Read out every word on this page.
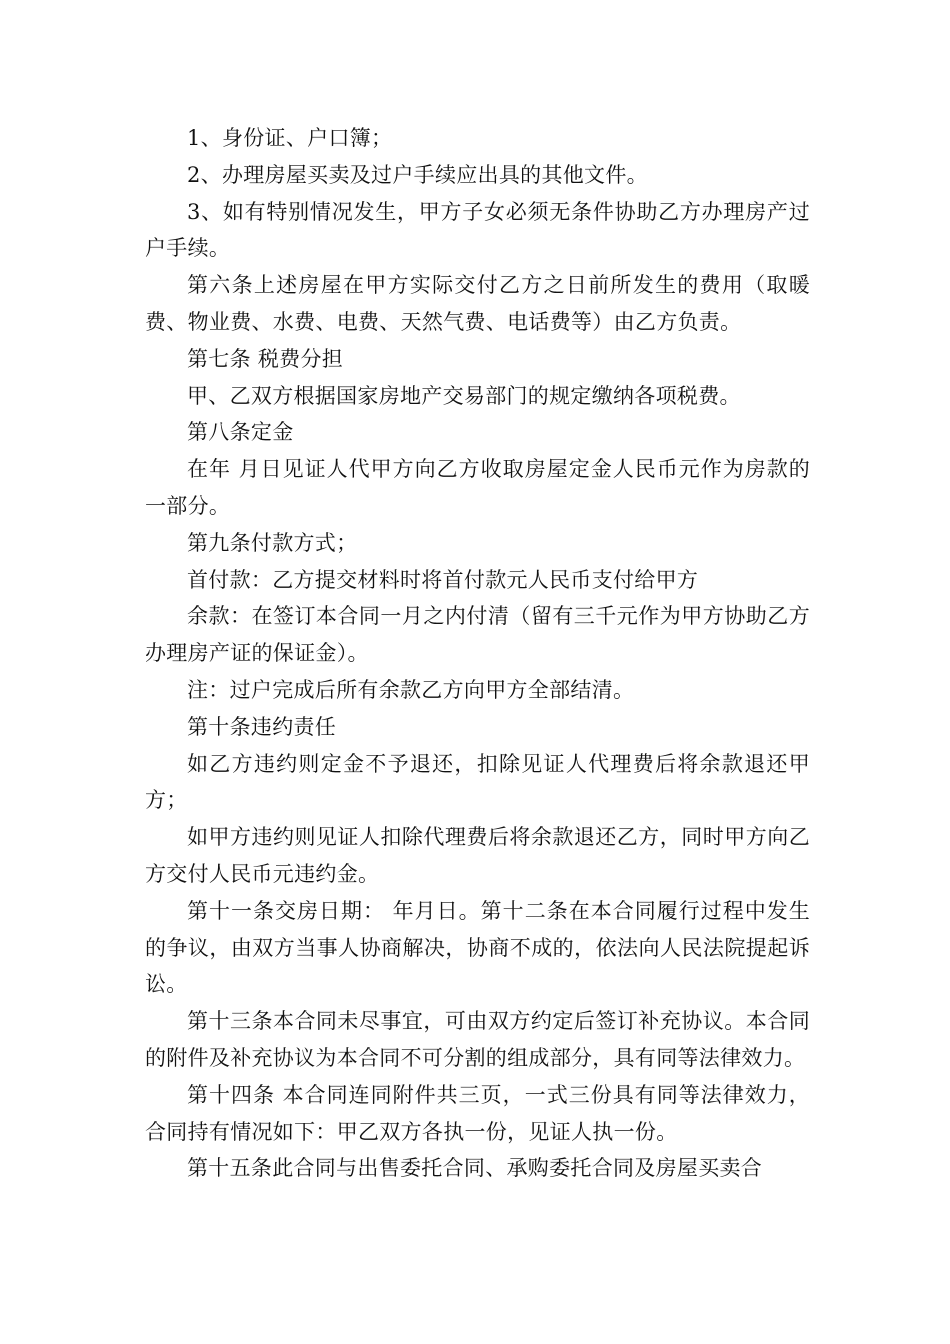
1、身份证、户口簿；

2、办理房屋买卖及过户手续应出具的其他文件。

3、如有特别情况发生，甲方子女必须无条件协助乙方办理房产过户手续。

第六条上述房屋在甲方实际交付乙方之日前所发生的费用（取暖费、物业费、水费、电费、天然气费、电话费等）由乙方负责。

第七条 税费分担

甲、乙双方根据国家房地产交易部门的规定缴纳各项税费。

第八条定金

在年 月日见证人代甲方向乙方收取房屋定金人民币元作为房款的一部分。

第九条付款方式；

首付款：乙方提交材料时将首付款元人民币支付给甲方

余款：在签订本合同一月之内付清（留有三千元作为甲方协助乙方办理房产证的保证金）。

注：过户完成后所有余款乙方向甲方全部结清。

第十条违约责任

如乙方违约则定金不予退还，扣除见证人代理费后将余款退还甲方；

如甲方违约则见证人扣除代理费后将余款退还乙方，同时甲方向乙方交付人民币元违约金。

第十一条交房日期： 年月日。第十二条在本合同履行过程中发生的争议，由双方当事人协商解决，协商不成的，依法向人民法院提起诉讼。

第十三条本合同未尽事宜，可由双方约定后签订补充协议。本合同的附件及补充协议为本合同不可分割的组成部分，具有同等法律效力。

第十四条 本合同连同附件共三页，一式三份具有同等法律效力，合同持有情况如下：甲乙双方各执一份，见证人执一份。

第十五条此合同与出售委托合同、承购委托合同及房屋买卖合
